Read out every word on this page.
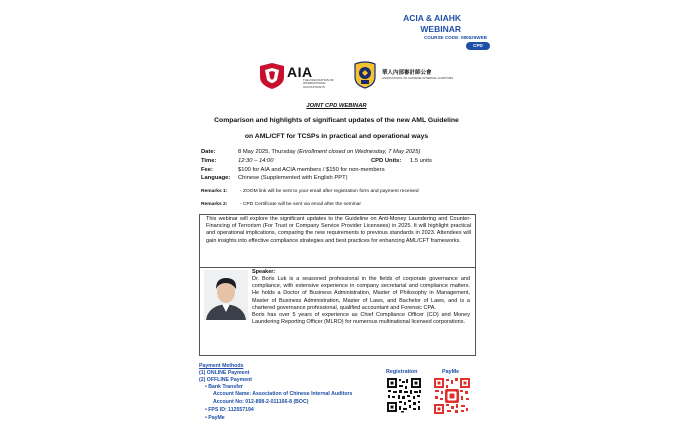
ACIA & AIAHK
WEBINAR
COURSE CODE: 080525WEB
CPD
AIA
THE ASSOCIATION OF INTERNATIONAL ACCOUNTANTS
華人內部審計師公會
ASSOCIATION OF CHINESE INTERNAL AUDITORS
JOINT CPD WEBINAR
Comparison and highlights of significant updates of the new AML Guideline
on AML/CFT for TCSPs in practical and operational ways
Date:	8 May 2025, Thursday (Enrollment closed on Wednesday, 7 May 2025)
Time:	12:30 – 14:00	CPD Units: 1.5 units
Fee:	$100 for AIA and ACIA members / $150 for non-members
Language: Chinese (Supplemented with English PPT)
Remarks 1:	- ZOOM link will be sent to your email after registration form and payment received
Remarks 2:	- CPD Certificate will be sent via email after the seminar
This webinar will explore the significant updates to the Guideline on Anti-Money Laundering and Counter-Financing of Terrorism (For Trust or Company Service Provider Licensees) in 2025. It will highlight practical and operational implications, comparing the new requirements to previous standards in 2023. Attendees will gain insights into effective compliance strategies and best practices for enhancing AML/CFT frameworks.
Speaker:
Dr. Boris Luk is a seasoned professional in the fields of corporate governance and compliance, with extensive experience in company secretarial and compliance matters. He holds a Doctor of Business Administration, Master of Philosophy in Management, Master of Business Administration, Master of Laws, and Bachelor of Laws, and is a chartered governance professional, qualified accountant and Forensic CPA.
Boris has over 5 years of experience as Chief Compliance Officer (CO) and Money Laundering Reporting Officer (MLRO) for numerous multinational licensed corporations.
Payment Methods
(1) ONLINE Payment
(2) OFFLINE Payment
• Bank Transfer
Account Name: Association of Chinese Internal Auditors
Account No: 012-898-2-011166-8 (BOC)
• FPS ID: 112557194
• PayMe
Registration	PayMe
